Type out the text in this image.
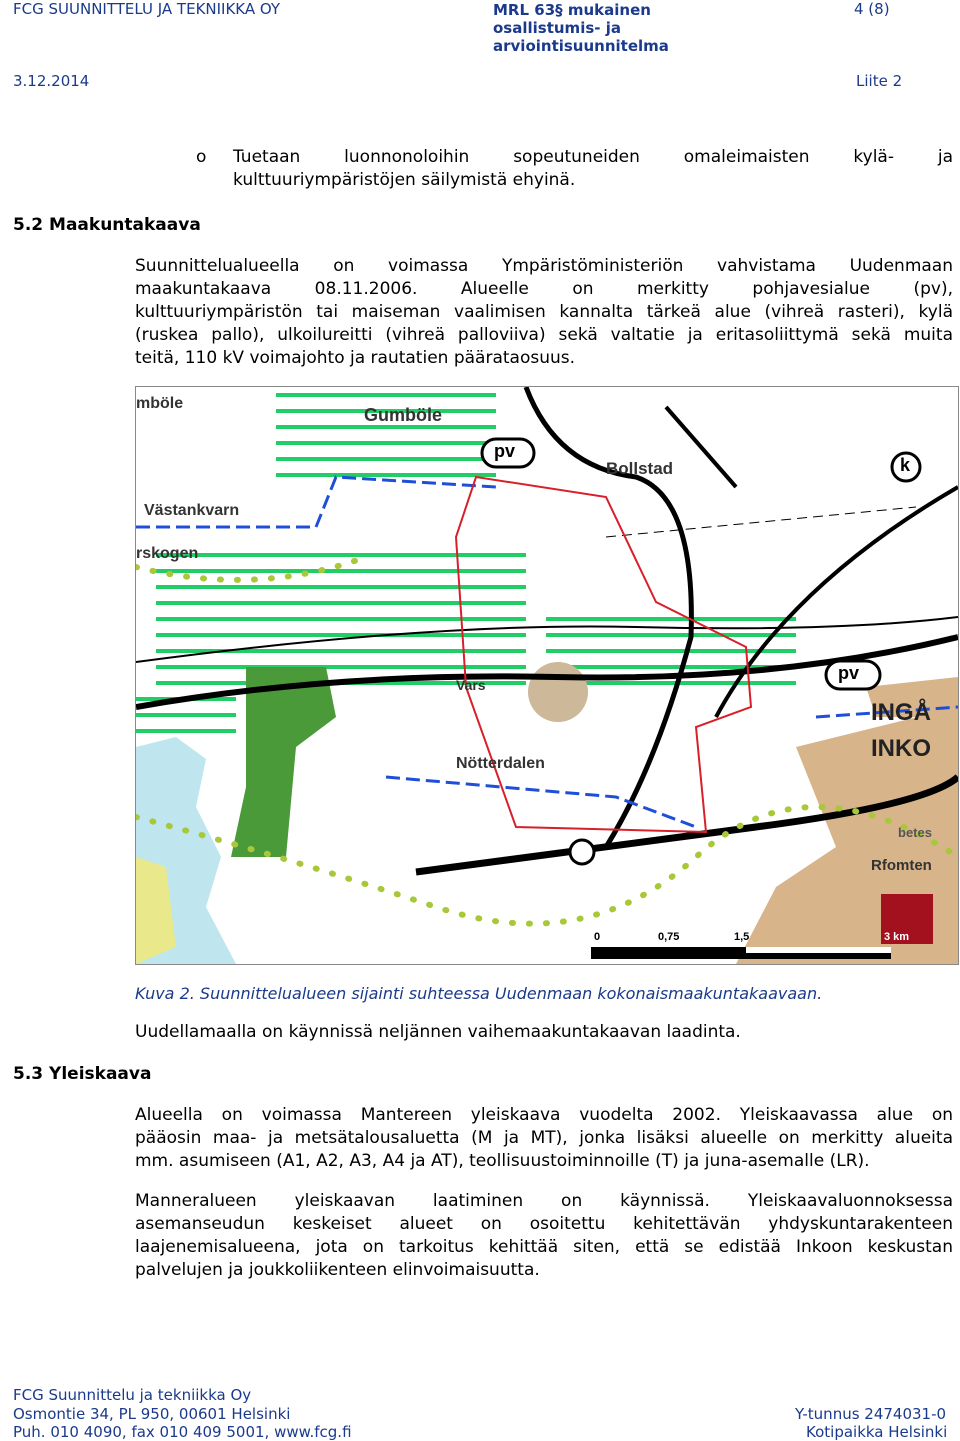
FCG SUUNNITTELU JA TEKNIIKKA OY	MRL 63§ mukainen
osallistumis- ja
arviointisuunnitelma
4 (8)
3.12.2014	Liite 2
o Tuetaan luonnonoloihin sopeutuneiden omaleimaisten kylä- ja
kulttuuriympäristöjen säilymistä ehyinä.
5.2 Maakuntakaava
Suunnittelualueella on voimassa Ympäristöministeriön vahvistama Uudenmaan
maakuntakaava 08.11.2006. Alueelle on merkitty pohjavesialue (pv),
kulttuuriympäristön tai maiseman vaalimisen kannalta tärkeä alue (vihreä rasteri), kylä
(ruskea pallo), ulkoilureitti (vihreä palloviiva) sekä valtatie ja eritasoliittymä sekä muita
teitä, 110 kV voimajohto ja rautatien päärataosuus.
mböle
Gumböle
Bollstad
Västankvarn
rskogen
Vars
Nötterdalen
INGÅ
INKO
Rfomten
betes
pv
pv
k
0	0,75	1,5	3 km
Kuva 2. Suunnittelualueen sijainti suhteessa Uudenmaan kokonaismaakuntakaavaan.
Uudellamaalla on käynnissä neljännen vaihemaakuntakaavan laadinta.
5.3 Yleiskaava
Alueella on voimassa Mantereen yleiskaava vuodelta 2002. Yleiskaavassa alue on
pääosin maa- ja metsätalousaluetta (M ja MT), jonka lisäksi alueelle on merkitty alueita
mm. asumiseen (A1, A2, A3, A4 ja AT), teollisuustoiminnoille (T) ja juna-asemalle (LR).
Manneralueen yleiskaavan laatiminen on käynnissä. Yleiskaavaluonnoksessa
asemanseudun keskeiset alueet on osoitettu kehitettävän yhdyskuntarakenteen
laajenemisalueena, jota on tarkoitus kehittää siten, että se edistää Inkoon keskustan
palvelujen ja joukkoliikenteen elinvoimaisuutta.
FCG Suunnittelu ja tekniikka Oy
Osmontie 34, PL 950, 00601 Helsinki
Puh. 010 4090, fax 010 409 5001, www.fcg.fi
Y-tunnus 2474031-0
Kotipaikka Helsinki
